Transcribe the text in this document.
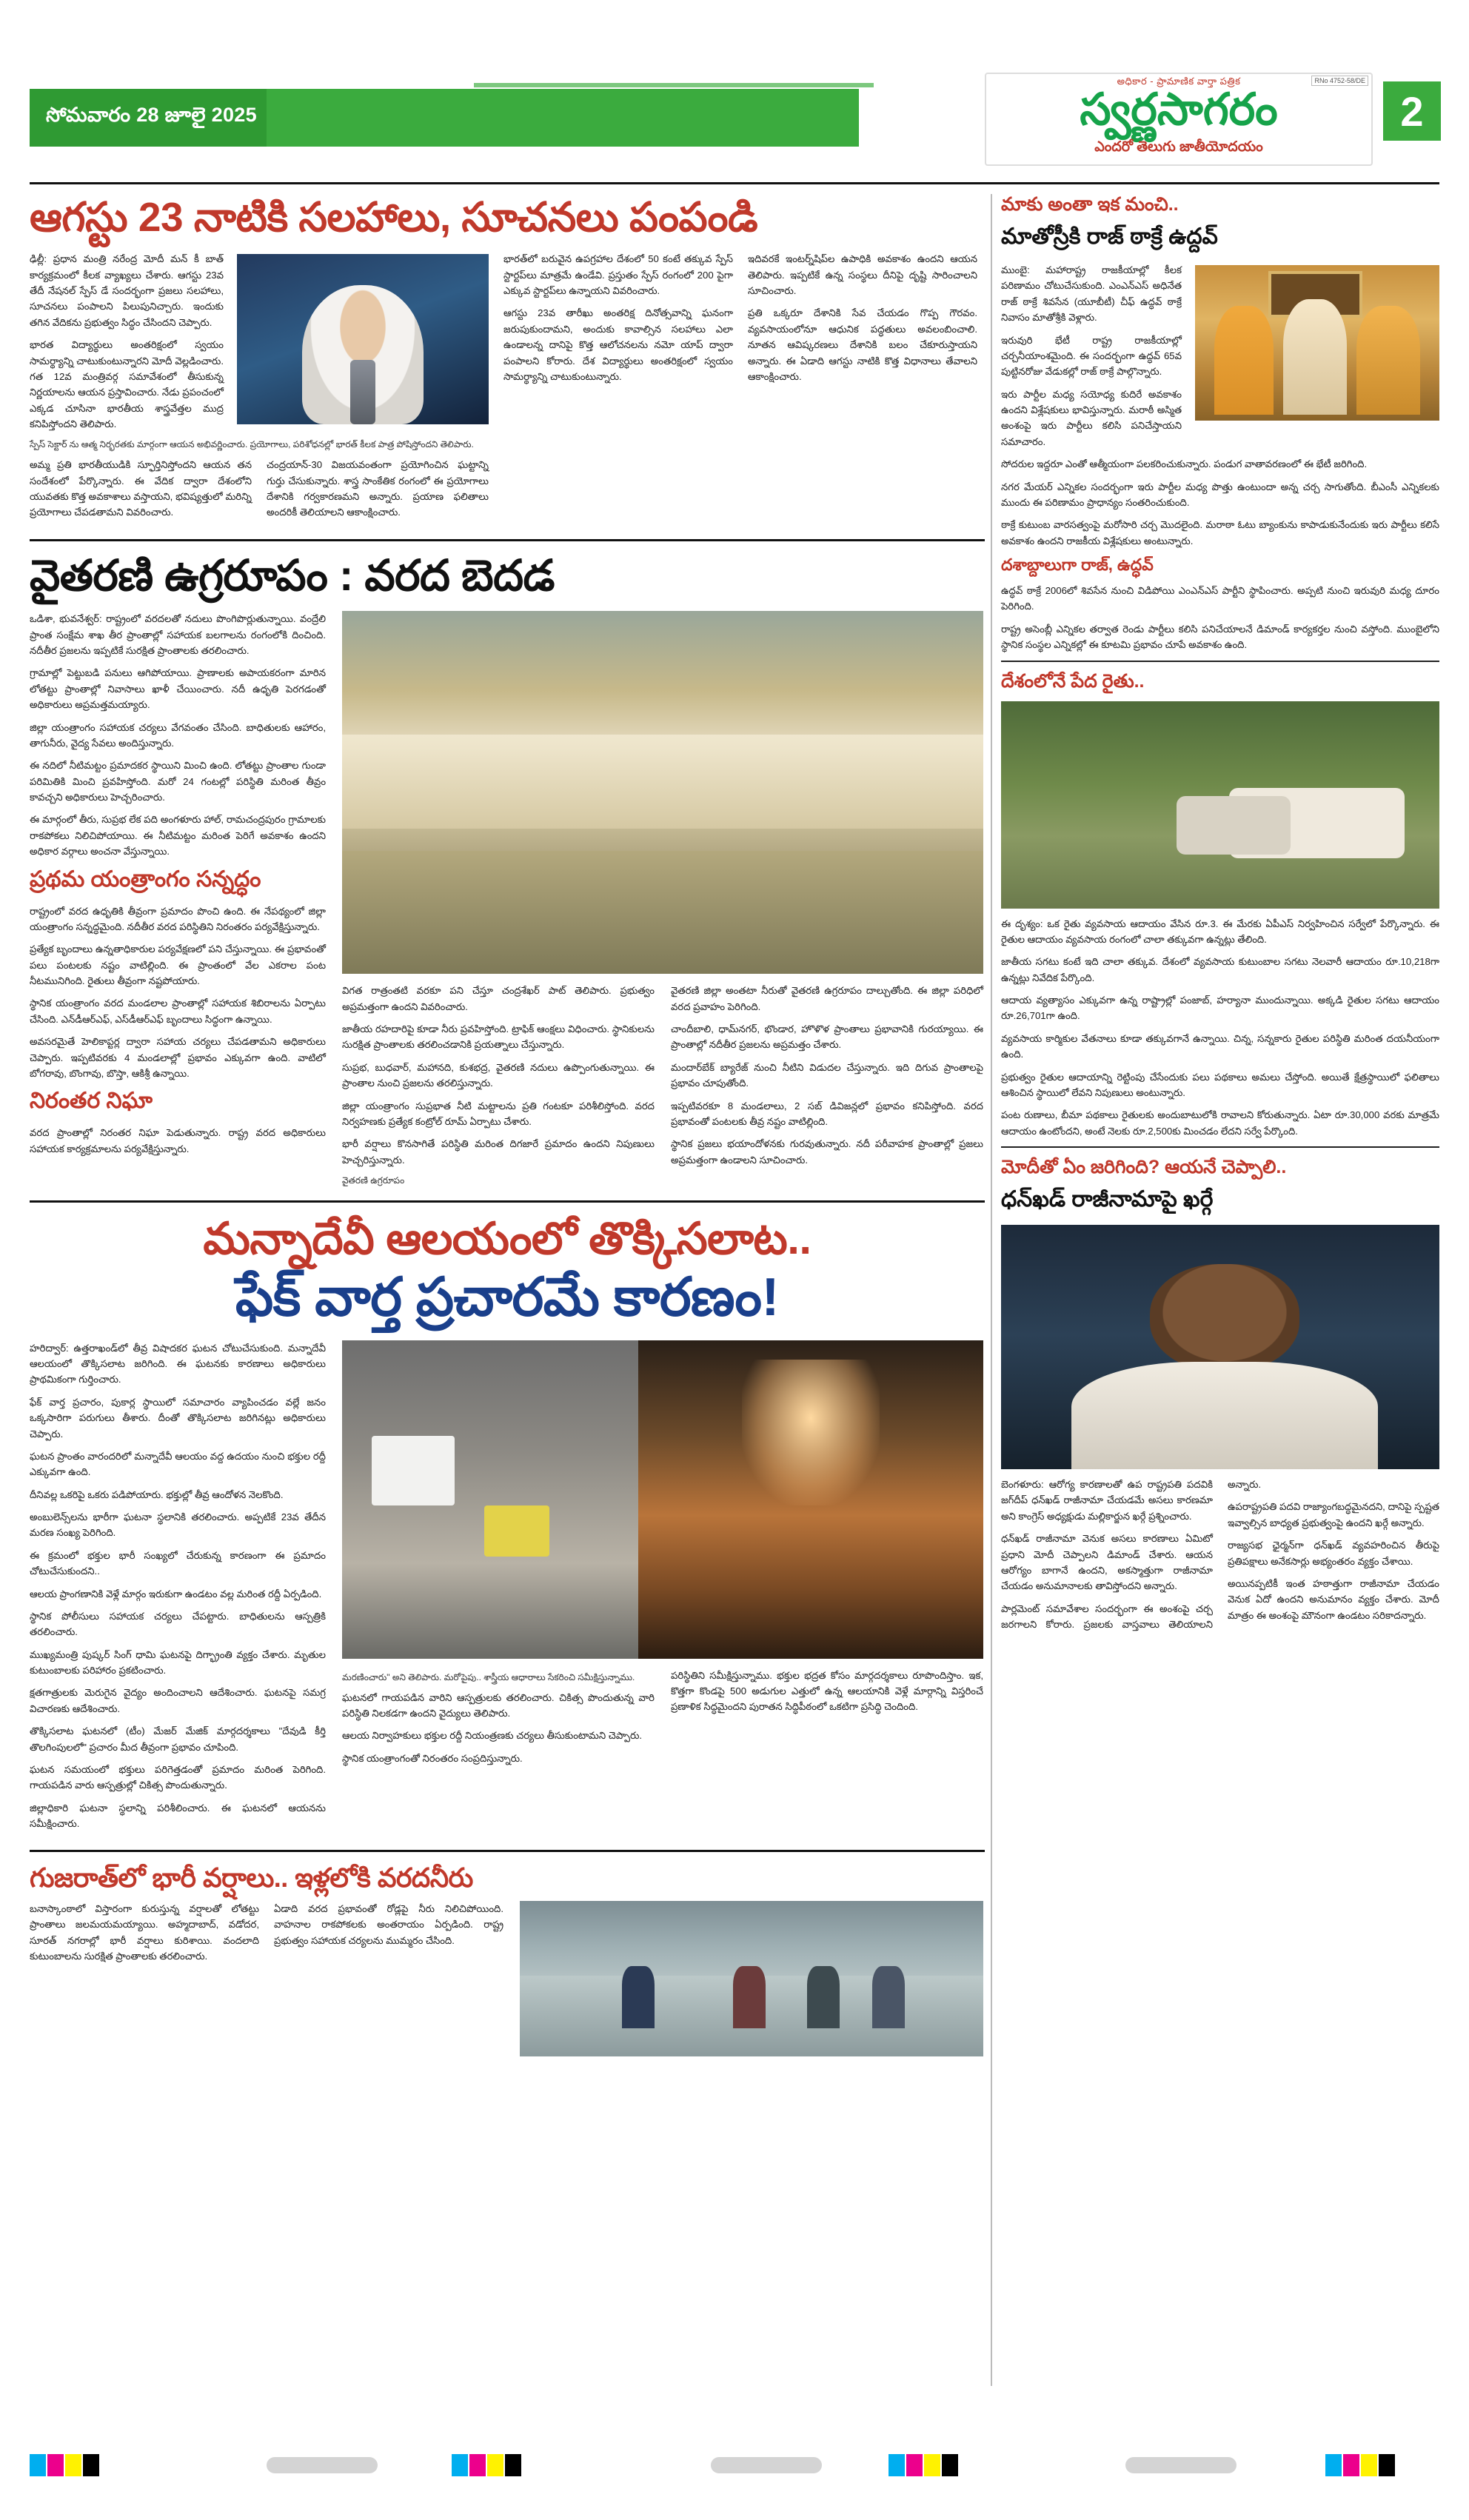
సోమవారం 28 జూలై 2025
RNo 4752-58/DE
అధికార - ప్రామాణిక వార్తా పత్రిక
స్వర్ణసాగరం
ఎందరో తెలుగు జాతీయోదయం
2
ఆగస్టు 23 నాటికి సలహాలు, సూచనలు పంపండి

ఢిల్లీ: ప్రధాన మంత్రి నరేంద్ర మోదీ మన్ కీ బాత్ కార్యక్రమంలో కీలక వ్యాఖ్యలు చేశారు. ఆగస్టు 23వ తేదీ నేషనల్ స్పేస్ డే సందర్భంగా ప్రజలు సలహాలు, సూచనలు పంపాలని పిలుపునిచ్చారు. ఇందుకు తగిన వేదికను ప్రభుత్వం సిద్ధం చేసిందని చెప్పారు.

భారత విద్యార్థులు అంతరిక్షంలో స్వయం సామర్థ్యాన్ని చాటుకుంటున్నారని మోదీ వెల్లడించారు. గత 12వ మంత్రివర్గ సమావేశంలో తీసుకున్న నిర్ణయాలను ఆయన ప్రస్తావించారు. నేడు ప్రపంచంలో ఎక్కడ చూసినా భారతీయ శాస్త్రవేత్తల ముద్ర కనిపిస్తోందని తెలిపారు.

స్పేస్ సెక్టార్ ను ఆత్మ నిర్భరతకు మార్గంగా ఆయన అభివర్ణించారు. ప్రయోగాలు, పరిశోధనల్లో భారత్ కీలక పాత్ర పోషిస్తోందని తెలిపారు.

అమ్మ ప్రతి భారతీయుడికి స్ఫూర్తినిస్తోందని ఆయన తన సందేశంలో పేర్కొన్నారు. ఈ వేదిక ద్వారా దేశంలోని యువతకు కొత్త అవకాశాలు వస్తాయని, భవిష్యత్తులో మరిన్ని ప్రయోగాలు చేపడతామని వివరించారు.

చంద్రయాన్-30 విజయవంతంగా ప్రయోగించిన ఘట్టాన్ని గుర్తు చేసుకున్నారు. శాస్త్ర సాంకేతిక రంగంలో ఈ ప్రయోగాలు దేశానికి గర్వకారణమని అన్నారు. ప్రయాణ ఫలితాలు అందరికీ తెలియాలని ఆకాంక్షించారు.

భారత్‌లో బరువైన ఉపగ్రహాల దేశంలో 50 కంటే తక్కువ స్పేస్ స్టార్టప్‌లు మాత్రమే ఉండేవి. ప్రస్తుతం స్పేస్ రంగంలో 200 పైగా ఎక్కువ స్టార్టప్‌లు ఉన్నాయని వివరించారు.

ఆగస్టు 23వ తారీఖు అంతరిక్ష దినోత్సవాన్ని ఘనంగా జరుపుకుందామని, అందుకు కావాల్సిన సలహాలు ఎలా ఉండాలన్న దానిపై కొత్త ఆలోచనలను నమో యాప్ ద్వారా పంపాలని కోరారు. దేశ విద్యార్థులు అంతరిక్షంలో స్వయం సామర్థ్యాన్ని చాటుకుంటున్నారు.

ఇదివరకే ఇంటర్న్‌షిప్‌ల ఉపాధికి అవకాశం ఉందని ఆయన తెలిపారు. ఇప్పటికే ఉన్న సంస్థలు దీనిపై దృష్టి సారించాలని సూచించారు.

ప్రతి ఒక్కరూ దేశానికి సేవ చేయడం గొప్ప గౌరవం. వ్యవసాయంలోనూ ఆధునిక పద్ధతులు అవలంబించాలి. నూతన ఆవిష్కరణలు దేశానికి బలం చేకూరుస్తాయని అన్నారు. ఈ ఏడాది ఆగస్టు నాటికి కొత్త విధానాలు తేవాలని ఆకాంక్షించారు.

వైతరణి ఉగ్రరూపం : వరద బెదడ

ఒడిశా, భువనేశ్వర్: రాష్ట్రంలో వరదలతో నదులు పొంగిపొర్లుతున్నాయి. వంద్రేలి ప్రాంత సంక్షేమ శాఖ తీర ప్రాంతాల్లో సహాయక బలగాలను రంగంలోకి దించింది. నదీతీర ప్రజలను ఇప్పటికే సురక్షిత ప్రాంతాలకు తరలించారు.

గ్రామాల్లో పెట్టుబడి పనులు ఆగిపోయాయి. ప్రాణాలకు అపాయకరంగా మారిన లోతట్టు ప్రాంతాల్లో నివాసాలు ఖాళీ చేయించారు. నదీ ఉధృతి పెరగడంతో అధికారులు అప్రమత్తమయ్యారు.

జిల్లా యంత్రాంగం సహాయక చర్యలు వేగవంతం చేసింది. బాధితులకు ఆహారం, తాగునీరు, వైద్య సేవలు అందిస్తున్నారు.

ఈ నదిలో నీటిమట్టం ప్రమాదకర స్థాయిని మించి ఉంది. లోతట్టు ప్రాంతాల గుండా పరిమితికి మించి ప్రవహిస్తోంది. మరో 24 గంటల్లో పరిస్థితి మరింత తీవ్రం కావచ్చని అధికారులు హెచ్చరించారు.

ఈ మార్గంలో తీరు, సుప్రభ లేక పది అంగళూరు హాల్, రామచంద్రపురం గ్రామాలకు రాకపోకలు నిలిచిపోయాయి. ఈ నీటిమట్టం మరింత పెరిగే అవకాశం ఉందని అధికార వర్గాలు అంచనా వేస్తున్నాయి.

ప్రథమ యంత్రాంగం సన్నద్ధం

రాష్ట్రంలో వరద ఉధృతికి తీవ్రంగా ప్రమాదం పొంచి ఉంది. ఈ నేపథ్యంలో జిల్లా యంత్రాంగం సన్నద్ధమైంది. నదీతీర వరద పరిస్థితిని నిరంతరం పర్యవేక్షిస్తున్నారు.

ప్రత్యేక బృందాలు ఉన్నతాధికారుల పర్యవేక్షణలో పని చేస్తున్నాయి. ఈ ప్రభావంతో పలు పంటలకు నష్టం వాటిల్లింది. ఈ ప్రాంతంలో వేల ఎకరాల పంట నీటమునిగింది. రైతులు తీవ్రంగా నష్టపోయారు.

స్థానిక యంత్రాంగం వరద మండలాల ప్రాంతాల్లో సహాయక శిబిరాలను ఏర్పాటు చేసింది. ఎన్‌డీఆర్‌ఎఫ్, ఎస్‌డీఆర్‌ఎఫ్ బృందాలు సిద్ధంగా ఉన్నాయి.

అవసరమైతే హెలికాప్టర్ల ద్వారా సహాయ చర్యలు చేపడతామని అధికారులు చెప్పారు. ఇప్పటివరకు 4 మండలాల్లో ప్రభావం ఎక్కువగా ఉంది. వాటిలో బోగరావు, బొంగావు, బొస్తా, ఆకిశ్రీ ఉన్నాయి.

నిరంతర నిఘా

వరద ప్రాంతాల్లో నిరంతర నిఘా పెడుతున్నారు. రాష్ట్ర వరద అధికారులు సహాయక కార్యక్రమాలను పర్యవేక్షిస్తున్నారు.

విగత రాత్రంతటి వరకూ పని చేస్తూ చంద్రశేఖర్ పాట్ తెలిపారు. ప్రభుత్వం అప్రమత్తంగా ఉందని వివరించారు.

జాతీయ రహదారిపై కూడా నీరు ప్రవహిస్తోంది. ట్రాఫిక్ ఆంక్షలు విధించారు. స్థానికులను సురక్షిత ప్రాంతాలకు తరలించడానికి ప్రయత్నాలు చేస్తున్నారు.

సుప్రభ, బుధవార్, మహానది, కుశభద్ర, వైతరణి నదులు ఉప్పొంగుతున్నాయి. ఈ ప్రాంతాల నుంచి ప్రజలను తరలిస్తున్నారు.

జిల్లా యంత్రాంగం సుప్రభాత నీటి మట్టాలను ప్రతి గంటకూ పరిశీలిస్తోంది. వరద నిర్వహణకు ప్రత్యేక కంట్రోల్ రూమ్ ఏర్పాటు చేశారు.

భారీ వర్షాలు కొనసాగితే పరిస్థితి మరింత దిగజారే ప్రమాదం ఉందని నిపుణులు హెచ్చరిస్తున్నారు.

వైతరణి ఉగ్రరూపం

వైతరణి జిల్లా అంతటా నీరుతో వైతరణి ఉగ్రరూపం దాల్చుతోంది. ఈ జిల్లా పరిధిలో వరద ప్రవాహం పెరిగింది.

చాందీబాలి, ధామ్‌నగర్, భొండార, హొళొళ ప్రాంతాలు ప్రభావానికి గురయ్యాయి. ఈ ప్రాంతాల్లో నదీతీర ప్రజలను అప్రమత్తం చేశారు.

మందార్‌బేక్ బ్యారేజ్ నుంచి నీటిని విడుదల చేస్తున్నారు. ఇది దిగువ ప్రాంతాలపై ప్రభావం చూపుతోంది.

ఇప్పటివరకూ 8 మండలాలు, 2 సబ్ డివిజన్లలో ప్రభావం కనిపిస్తోంది. వరద ప్రభావంతో పంటలకు తీవ్ర నష్టం వాటిల్లింది.

స్థానిక ప్రజలు భయాందోళనకు గురవుతున్నారు. నదీ పరీవాహక ప్రాంతాల్లో ప్రజలు అప్రమత్తంగా ఉండాలని సూచించారు.

మన్నాదేవీ ఆలయంలో తొక్కిసలాట..
ఫేక్ వార్త ప్రచారమే కారణం!

హరిద్వార్: ఉత్తరాఖండ్‌లో తీవ్ర విషాదకర ఘటన చోటుచేసుకుంది. మన్నాదేవీ ఆలయంలో తొక్కిసలాట జరిగింది. ఈ ఘటనకు కారణాలు అధికారులు ప్రాథమికంగా గుర్తించారు.

ఫేక్ వార్త ప్రచారం, పుకార్ల స్థాయిలో సమాచారం వ్యాపించడం వల్లే జనం ఒక్కసారిగా పరుగులు తీశారు. దీంతో తొక్కిసలాట జరిగినట్లు అధికారులు చెప్పారు.

ఘటన ప్రాంతం వారందరిలో మన్నాదేవీ ఆలయం వద్ద ఉదయం నుంచి భక్తుల రద్దీ ఎక్కువగా ఉంది.

దీనివల్ల ఒకరిపై ఒకరు పడిపోయారు. భక్తుల్లో తీవ్ర ఆందోళన నెలకొంది.

అంబులెన్స్‌లను భారీగా ఘటనా స్థలానికి తరలించారు. అప్పటికే 23వ తేదీన మరణ సంఖ్య పెరిగింది.

ఈ క్రమంలో భక్తుల భారీ సంఖ్యలో చేరుకున్న కారణంగా ఈ ప్రమాదం చోటుచేసుకుందని..

ఆలయ ప్రాంగణానికి వెళ్లే మార్గం ఇరుకుగా ఉండటం వల్ల మరింత రద్దీ ఏర్పడింది.

స్థానిక పోలీసులు సహాయక చర్యలు చేపట్టారు. బాధితులను ఆస్పత్రికి తరలించారు.

ముఖ్యమంత్రి పుష్కర్ సింగ్ ధామి ఘటనపై దిగ్భ్రాంతి వ్యక్తం చేశారు. మృతుల కుటుంబాలకు పరిహారం ప్రకటించారు.

క్షతగాత్రులకు మెరుగైన వైద్యం అందించాలని ఆదేశించారు. ఘటనపై సమగ్ర విచారణకు ఆదేశించారు.

తొక్కిసలాట ఘటనలో (టీం) మేజర్ మేజిక్ మార్గదర్శకాలు "దేవుడి కీర్తి తొలగింపులలో" ప్రచారం మీద తీవ్రంగా ప్రభావం చూపింది.

ఘటన సమయంలో భక్తులు పరిగెత్తడంతో ప్రమాదం మరింత పెరిగింది. గాయపడిన వారు ఆస్పత్రుల్లో చికిత్స పొందుతున్నారు.

జిల్లాధికారి ఘటనా స్థలాన్ని పరిశీలించారు. ఈ ఘటనలో ఆయనను సమీక్షించారు.

మరణించారు" అని తెలిపారు. మరోపైపు.. శాస్త్రీయ ఆధారాలు సేకరించి సమీక్షిస్తున్నాము.

ఘటనలో గాయపడిన వారిని ఆస్పత్రులకు తరలించారు. చికిత్స పొందుతున్న వారి పరిస్థితి నిలకడగా ఉందని వైద్యులు తెలిపారు.

ఆలయ నిర్వాహకులు భక్తుల రద్దీ నియంత్రణకు చర్యలు తీసుకుంటామని చెప్పారు.

స్థానిక యంత్రాంగంతో నిరంతరం సంప్రదిస్తున్నారు.

పరిస్థితిని సమీక్షిస్తున్నాము. భక్తుల భద్రత కోసం మార్గదర్శకాలు రూపొందిస్తాం. ఇక, కొత్తగా కొండపై 500 అడుగుల ఎత్తులో ఉన్న ఆలయానికి వెళ్లే మార్గాన్ని విస్తరించే ప్రణాళిక సిద్ధమైందని పురాతన సిద్ధిపీఠంలో ఒకటిగా ప్రసిద్ధి చెందింది.

గుజరాత్‌లో భారీ వర్షాలు.. ఇళ్లలోకి వరదనీరు

బనాస్కాంఠాలో విస్తారంగా కురుస్తున్న వర్షాలతో లోతట్టు ప్రాంతాలు జలమయమయ్యాయి. అహ్మదాబాద్, వడోదర, సూరత్ నగరాల్లో భారీ వర్షాలు కురిశాయి. వందలాది కుటుంబాలను సురక్షిత ప్రాంతాలకు తరలించారు.

ఏడాది వరద ప్రభావంతో రోడ్లపై నీరు నిలిచిపోయింది. వాహనాల రాకపోకలకు అంతరాయం ఏర్పడింది. రాష్ట్ర ప్రభుత్వం సహాయక చర్యలను ముమ్మరం చేసింది.

మాకు అంతా ఇక మంచి..
మాతోస్రీకి రాజ్ ఠాక్రే ఉద్దవ్

ముంబై: మహారాష్ట్ర రాజకీయాల్లో కీలక పరిణామం చోటుచేసుకుంది. ఎంఎన్ఎస్ అధినేత రాజ్ ఠాక్రే శివసేన (యూబీటీ) చీఫ్ ఉద్ధవ్ ఠాక్రే నివాసం మాతోశ్రీకి వెళ్లారు.

ఇరువురి భేటీ రాష్ట్ర రాజకీయాల్లో చర్చనీయాంశమైంది. ఈ సందర్భంగా ఉద్ధవ్ 65వ పుట్టినరోజు వేడుకల్లో రాజ్ ఠాక్రే పాల్గొన్నారు.

ఇరు పార్టీల మధ్య సయోధ్య కుదిరే అవకాశం ఉందని విశ్లేషకులు భావిస్తున్నారు. మరాఠీ అస్మిత అంశంపై ఇరు పార్టీలు కలిసి పనిచేస్తాయని సమాచారం.

సోదరుల ఇద్దరూ ఎంతో ఆత్మీయంగా పలకరించుకున్నారు. పండుగ వాతావరణంలో ఈ భేటీ జరిగింది.

నగర మేయర్ ఎన్నికల సందర్భంగా ఇరు పార్టీల మధ్య పొత్తు ఉంటుందా అన్న చర్చ సాగుతోంది. బీఎంసీ ఎన్నికలకు ముందు ఈ పరిణామం ప్రాధాన్యం సంతరించుకుంది.

ఠాక్రే కుటుంబ వారసత్వంపై మరోసారి చర్చ మొదలైంది. మరాఠా ఓటు బ్యాంకును కాపాడుకునేందుకు ఇరు పార్టీలు కలిసే అవకాశం ఉందని రాజకీయ విశ్లేషకులు అంటున్నారు.

దశాబ్దాలుగా రాజ్, ఉద్ధవ్

ఉద్ధవ్ ఠాక్రే 2006లో శివసేన నుంచి విడిపోయి ఎంఎన్ఎస్ పార్టీని స్థాపించారు. అప్పటి నుంచి ఇరువురి మధ్య దూరం పెరిగింది.

రాష్ట్ర అసెంబ్లీ ఎన్నికల తర్వాత రెండు పార్టీలు కలిసి పనిచేయాలనే డిమాండ్ కార్యకర్తల నుంచి వస్తోంది. ముంబైలోని స్థానిక సంస్థల ఎన్నికల్లో ఈ కూటమి ప్రభావం చూపే అవకాశం ఉంది.

దేశంలోనే పేద రైతు..

ఈ దృశ్యం: ఒక రైతు వ్యవసాయ ఆదాయం వేసిన రూ.3. ఈ మేరకు ఏపీఎస్ నిర్వహించిన సర్వేలో పేర్కొన్నారు. ఈ రైతుల ఆదాయం వ్యవసాయ రంగంలో చాలా తక్కువగా ఉన్నట్లు తేలింది.

జాతీయ సగటు కంటే ఇది చాలా తక్కువ. దేశంలో వ్యవసాయ కుటుంబాల సగటు నెలవారీ ఆదాయం రూ.10,218గా ఉన్నట్లు నివేదిక పేర్కొంది.

ఆదాయ వ్యత్యాసం ఎక్కువగా ఉన్న రాష్ట్రాల్లో పంజాబ్, హర్యానా ముందున్నాయి. అక్కడి రైతుల సగటు ఆదాయం రూ.26,701గా ఉంది.

వ్యవసాయ కార్మికుల వేతనాలు కూడా తక్కువగానే ఉన్నాయి. చిన్న, సన్నకారు రైతుల పరిస్థితి మరింత దయనీయంగా ఉంది.

ప్రభుత్వం రైతుల ఆదాయాన్ని రెట్టింపు చేసేందుకు పలు పథకాలు అమలు చేస్తోంది. అయితే క్షేత్రస్థాయిలో ఫలితాలు ఆశించిన స్థాయిలో లేవని నిపుణులు అంటున్నారు.

పంట రుణాలు, బీమా పథకాలు రైతులకు అందుబాటులోకి రావాలని కోరుతున్నారు. ఏటా రూ.30,000 వరకు మాత్రమే ఆదాయం ఉంటోందని, అంటే నెలకు రూ.2,500కు మించడం లేదని సర్వే పేర్కొంది.

మోదీతో ఏం జరిగింది? ఆయనే చెప్పాలి..
ధన్‌ఖడ్ రాజీనామాపై ఖర్గే

బెంగళూరు: ఆరోగ్య కారణాలతో ఉప రాష్ట్రపతి పదవికి జగ్‌దీప్ ధన్‌ఖడ్ రాజీనామా చేయడమే అసలు కారణమా అని కాంగ్రెస్ అధ్యక్షుడు మల్లికార్జున ఖర్గే ప్రశ్నించారు.

ధన్‌ఖడ్ రాజీనామా వెనుక అసలు కారణాలు ఏమిటో ప్రధాని మోదీ చెప్పాలని డిమాండ్ చేశారు. ఆయన ఆరోగ్యం బాగానే ఉందని, అకస్మాత్తుగా రాజీనామా చేయడం అనుమానాలకు తావిస్తోందని అన్నారు.

పార్లమెంట్ సమావేశాల సందర్భంగా ఈ అంశంపై చర్చ జరగాలని కోరారు. ప్రజలకు వాస్తవాలు తెలియాలని అన్నారు.

ఉపరాష్ట్రపతి పదవి రాజ్యాంగబద్ధమైనదని, దానిపై స్పష్టత ఇవ్వాల్సిన బాధ్యత ప్రభుత్వంపై ఉందని ఖర్గే అన్నారు.

రాజ్యసభ ఛైర్మన్‌గా ధన్‌ఖడ్ వ్యవహరించిన తీరుపై ప్రతిపక్షాలు అనేకసార్లు అభ్యంతరం వ్యక్తం చేశాయి.

అయినప్పటికీ ఇంత హఠాత్తుగా రాజీనామా చేయడం వెనుక ఏదో ఉందని అనుమానం వ్యక్తం చేశారు. మోదీ మాత్రం ఈ అంశంపై మౌనంగా ఉండటం సరికాదన్నారు.
